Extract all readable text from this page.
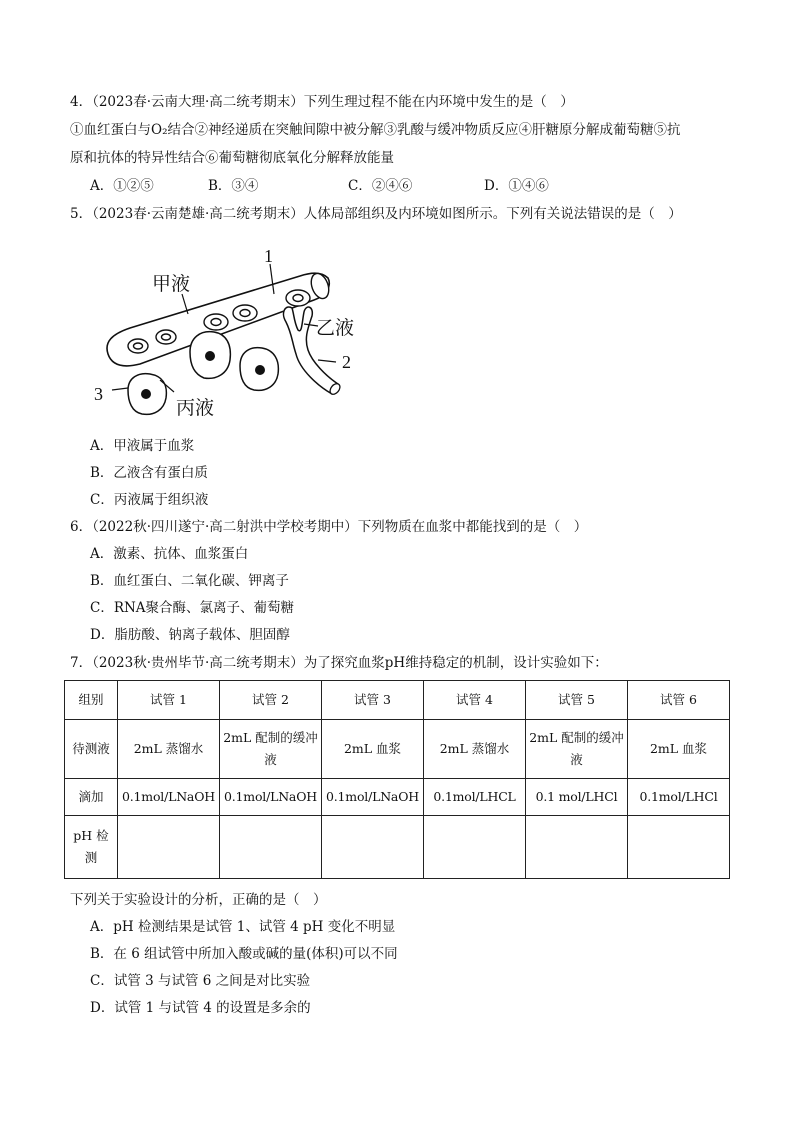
4．（2023春·云南大理·高二统考期末）下列生理过程不能在内环境中发生的是（　）
①血红蛋白与O₂结合②神经递质在突触间隙中被分解③乳酸与缓冲物质反应④肝糖原分解成葡萄糖⑤抗
原和抗体的特异性结合⑥葡萄糖彻底氧化分解释放能量
A．①②⑤	B．③④	C．②④⑥	D．①④⑥
5．（2023春·云南楚雄·高二统考期末）人体局部组织及内环境如图所示。下列有关说法错误的是（　）
甲液
乙液
丙液
1
2
3
A．甲液属于血浆
B．乙液含有蛋白质
C．丙液属于组织液
6．（2022秋·四川遂宁·高二射洪中学校考期中）下列物质在血浆中都能找到的是（　）
A．激素、抗体、血浆蛋白
B．血红蛋白、二氧化碳、钾离子
C．RNA聚合酶、氯离子、葡萄糖
D．脂肪酸、钠离子载体、胆固醇
7．（2023秋·贵州毕节·高二统考期末）为了探究血浆pH维持稳定的机制，设计实验如下：
组别	试管 1	试管 2	试管 3	试管 4	试管 5	试管 6
待测液	2mL 蒸馏水	2mL 配制的缓冲液	2mL 血浆	2mL 蒸馏水	2mL 配制的缓冲液	2mL 血浆
滴加	0.1mol/LNaOH	0.1mol/LNaOH	0.1mol/LNaOH	0.1mol/LHCL	0.1 mol/LHCl	0.1mol/LHCl
pH 检测						
下列关于实验设计的分析，正确的是（　）
A．pH 检测结果是试管 1、试管 4 pH 变化不明显
B．在 6 组试管中所加入酸或碱的量(体积)可以不同
C．试管 3 与试管 6 之间是对比实验
D．试管 1 与试管 4 的设置是多余的
